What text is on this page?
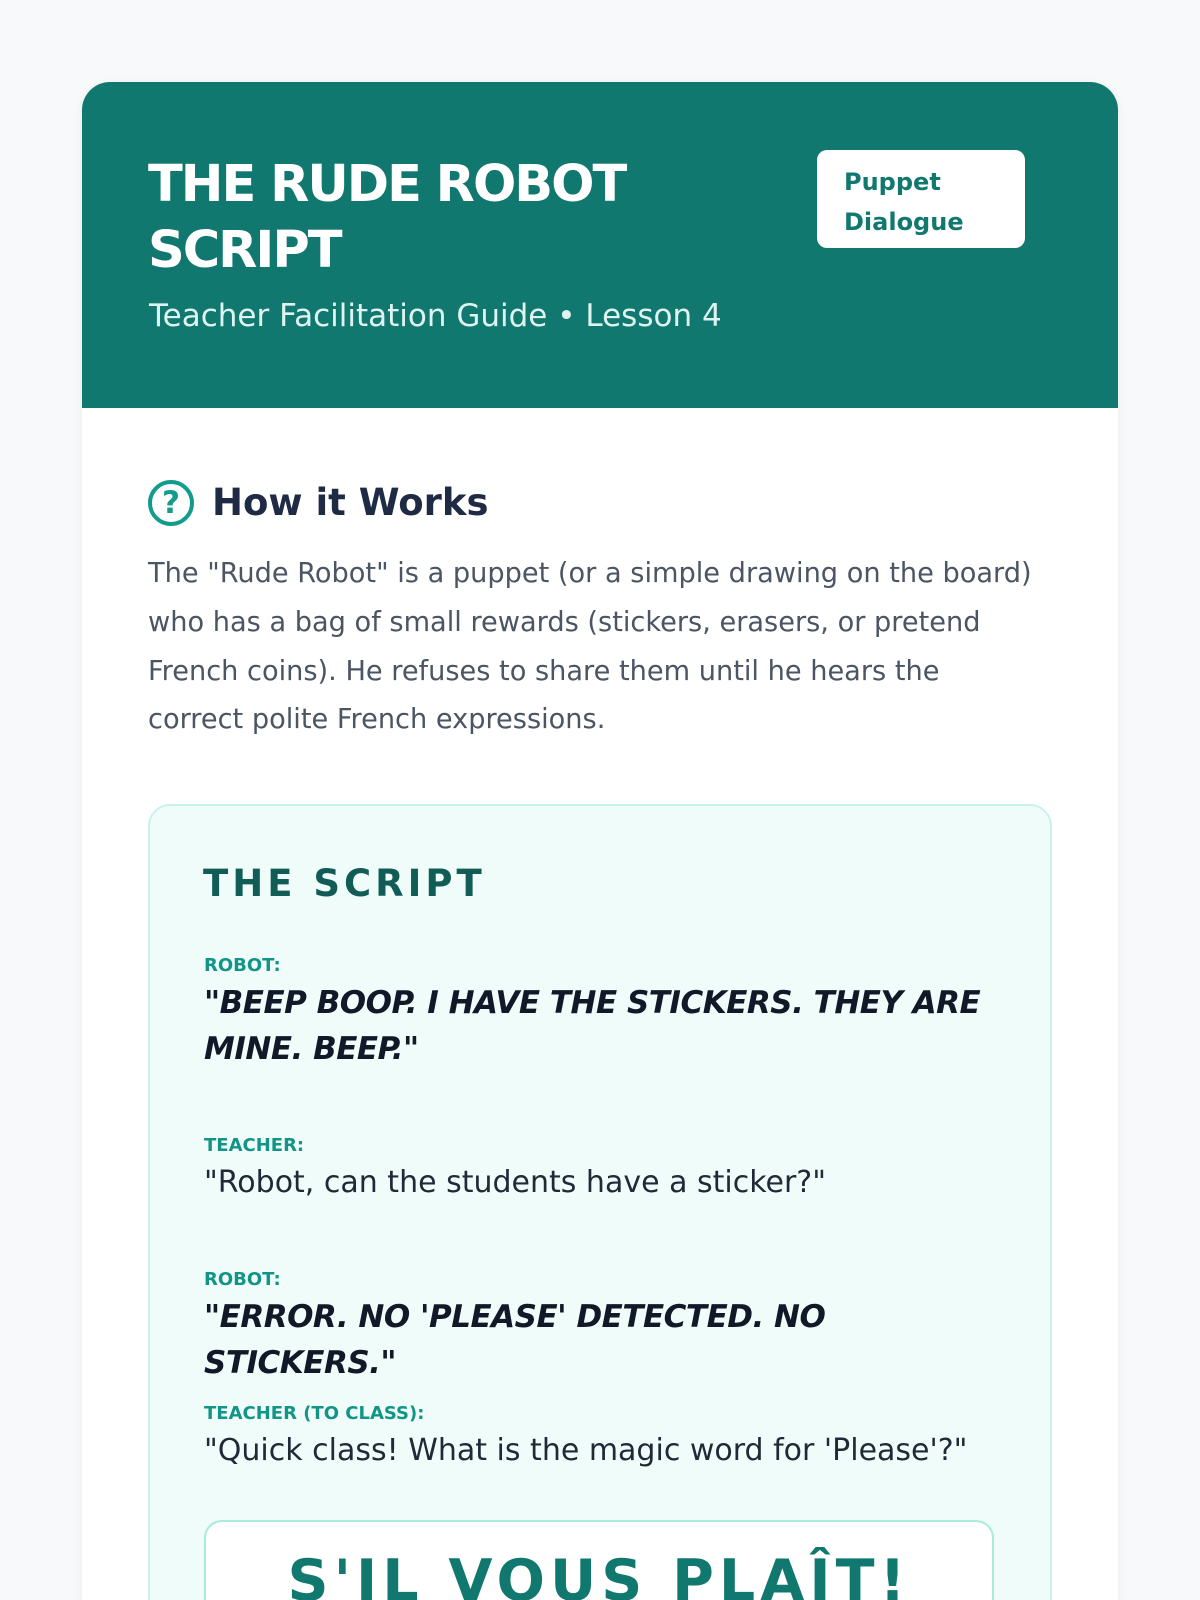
THE RUDE ROBOT SCRIPT

Teacher Facilitation Guide • Lesson 4

Puppet
Dialogue
? How it Works

The "Rude Robot" is a puppet (or a simple drawing on the board) who has a bag of small rewards (stickers, erasers, or pretend French coins). He refuses to share them until he hears the correct polite French expressions.

THE SCRIPT

ROBOT:

"BEEP BOOP. I HAVE THE STICKERS. THEY ARE MINE. BEEP."

TEACHER:

"Robot, can the students have a sticker?"

ROBOT:

"ERROR. NO 'PLEASE' DETECTED. NO STICKERS."

TEACHER (TO CLASS):

"Quick class! What is the magic word for 'Please'?"

S'IL VOUS PLAÎT!
